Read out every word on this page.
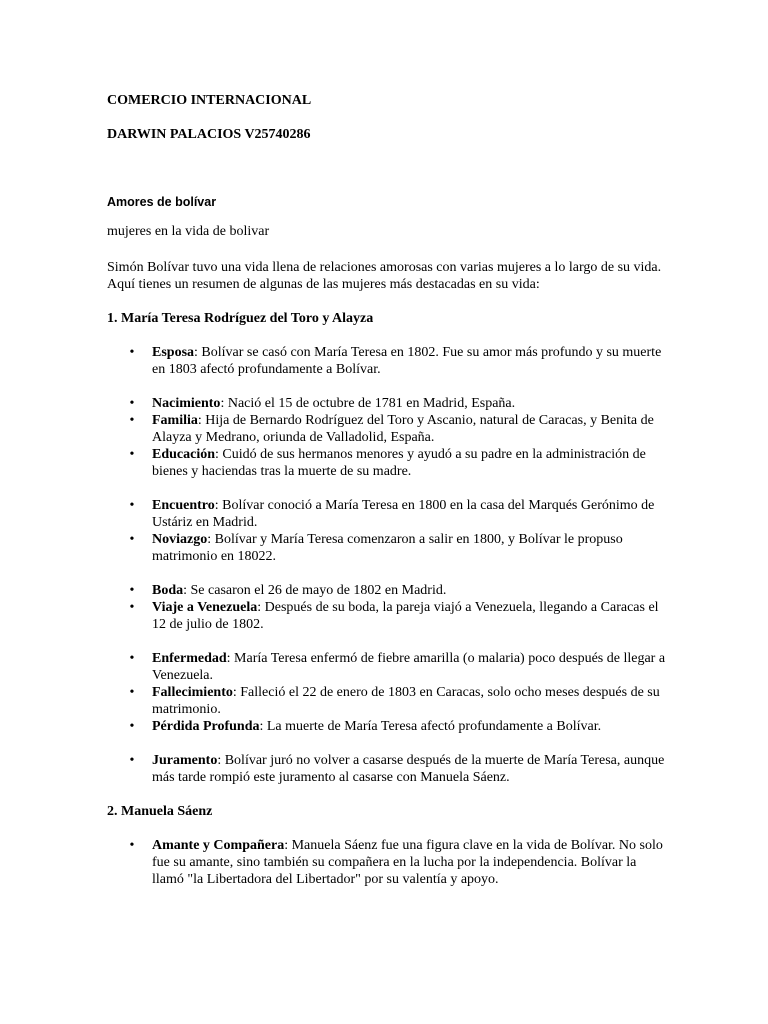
COMERCIO INTERNACIONAL

DARWIN PALACIOS V25740286

Amores de bolívar

mujeres en la vida de bolivar

Simón Bolívar tuvo una vida llena de relaciones amorosas con varias mujeres a lo largo de su vida.

Aquí tienes un resumen de algunas de las mujeres más destacadas en su vida:

1. María Teresa Rodríguez del Toro y Alayza

•	Esposa: Bolívar se casó con María Teresa en 1802. Fue su amor más profundo y su muerte en 1803 afectó profundamente a Bolívar.
•	Nacimiento: Nació el 15 de octubre de 1781 en Madrid, España.
•	Familia: Hija de Bernardo Rodríguez del Toro y Ascanio, natural de Caracas, y Benita de Alayza y Medrano, oriunda de Valladolid, España.
•	Educación: Cuidó de sus hermanos menores y ayudó a su padre en la administración de bienes y haciendas tras la muerte de su madre.
•	Encuentro: Bolívar conoció a María Teresa en 1800 en la casa del Marqués Gerónimo de Ustáriz en Madrid.
•	Noviazgo: Bolívar y María Teresa comenzaron a salir en 1800, y Bolívar le propuso matrimonio en 18022.
•	Boda: Se casaron el 26 de mayo de 1802 en Madrid.
•	Viaje a Venezuela: Después de su boda, la pareja viajó a Venezuela, llegando a Caracas el 12 de julio de 1802.
•	Enfermedad: María Teresa enfermó de fiebre amarilla (o malaria) poco después de llegar a Venezuela.
•	Fallecimiento: Falleció el 22 de enero de 1803 en Caracas, solo ocho meses después de su matrimonio.
•	Pérdida Profunda: La muerte de María Teresa afectó profundamente a Bolívar.
•	Juramento: Bolívar juró no volver a casarse después de la muerte de María Teresa, aunque más tarde rompió este juramento al casarse con Manuela Sáenz.

2. Manuela Sáenz

•	Amante y Compañera: Manuela Sáenz fue una figura clave en la vida de Bolívar. No solo fue su amante, sino también su compañera en la lucha por la independencia. Bolívar la llamó "la Libertadora del Libertador" por su valentía y apoyo.
